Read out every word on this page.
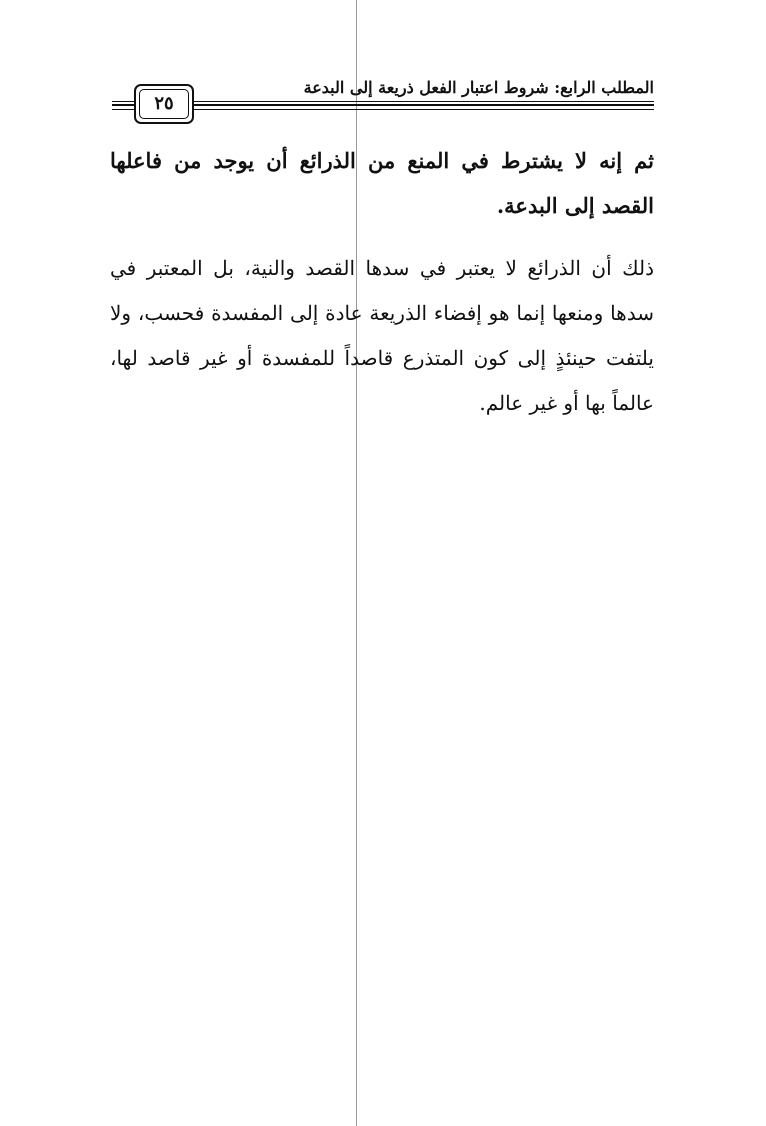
المطلب الرابع: شروط اعتبار الفعل ذريعة إلى البدعة
٢٥

ثم إنه لا يشترط في المنع من الذرائع أن يوجد من فاعلها القصد إلى البدعة.

ذلك أن الذرائع لا يعتبر في سدها القصد والنية، بل المعتبر في سدها ومنعها إنما هو إفضاء الذريعة عادة إلى المفسدة فحسب، ولا يلتفت حينئذٍ إلى كون المتذرع قاصداً للمفسدة أو غير قاصد لها، عالماً بها أو غير عالم.
